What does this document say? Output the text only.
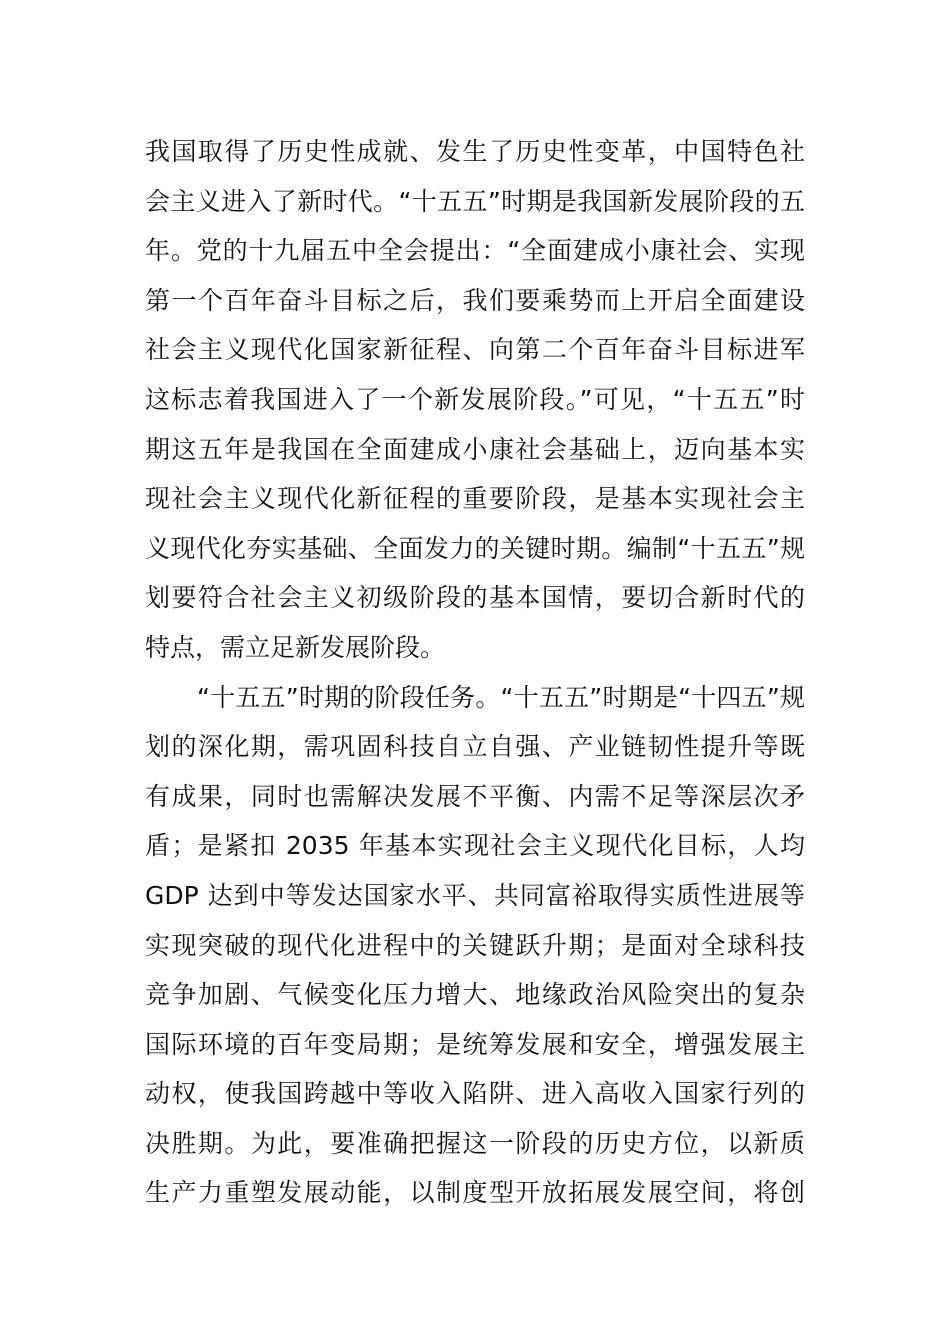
我国取得了历史性成就、发生了历史性变革，中国特色社
会主义进入了新时代。“十五五”时期是我国新发展阶段的五
年。党的十九届五中全会提出：“全面建成小康社会、实现
第一个百年奋斗目标之后，我们要乘势而上开启全面建设
社会主义现代化国家新征程、向第二个百年奋斗目标进军
这标志着我国进入了一个新发展阶段。”可见，“十五五”时
期这五年是我国在全面建成小康社会基础上，迈向基本实
现社会主义现代化新征程的重要阶段，是基本实现社会主
义现代化夯实基础、全面发力的关键时期。编制“十五五”规
划要符合社会主义初级阶段的基本国情，要切合新时代的
特点，需立足新发展阶段。
“十五五”时期的阶段任务。“十五五”时期是“十四五”规
划的深化期，需巩固科技自立自强、产业链韧性提升等既
有成果，同时也需解决发展不平衡、内需不足等深层次矛
盾；是紧扣 2035 年基本实现社会主义现代化目标，人均
GDP 达到中等发达国家水平、共同富裕取得实质性进展等
实现突破的现代化进程中的关键跃升期；是面对全球科技
竞争加剧、气候变化压力增大、地缘政治风险突出的复杂
国际环境的百年变局期；是统筹发展和安全，增强发展主
动权，使我国跨越中等收入陷阱、进入高收入国家行列的
决胜期。为此，要准确把握这一阶段的历史方位，以新质
生产力重塑发展动能，以制度型开放拓展发展空间，将创
